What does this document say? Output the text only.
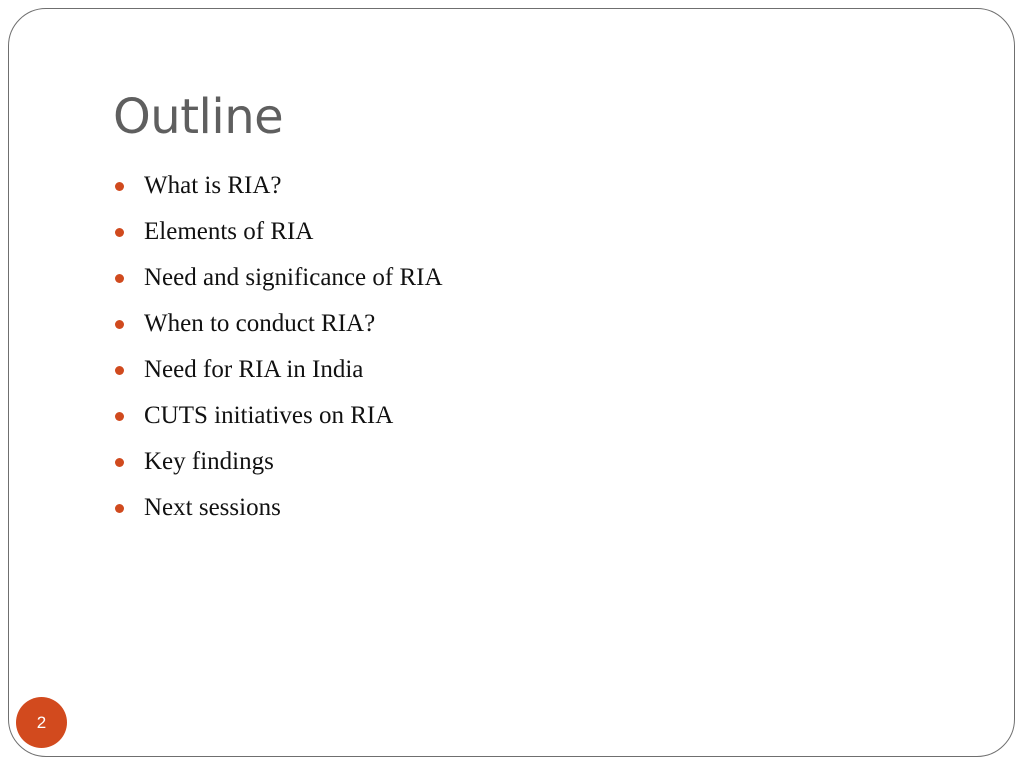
Outline
What is RIA?
Elements of RIA
Need and significance of RIA
When to conduct RIA?
Need for RIA in India
CUTS initiatives on RIA
Key findings
Next sessions
2
